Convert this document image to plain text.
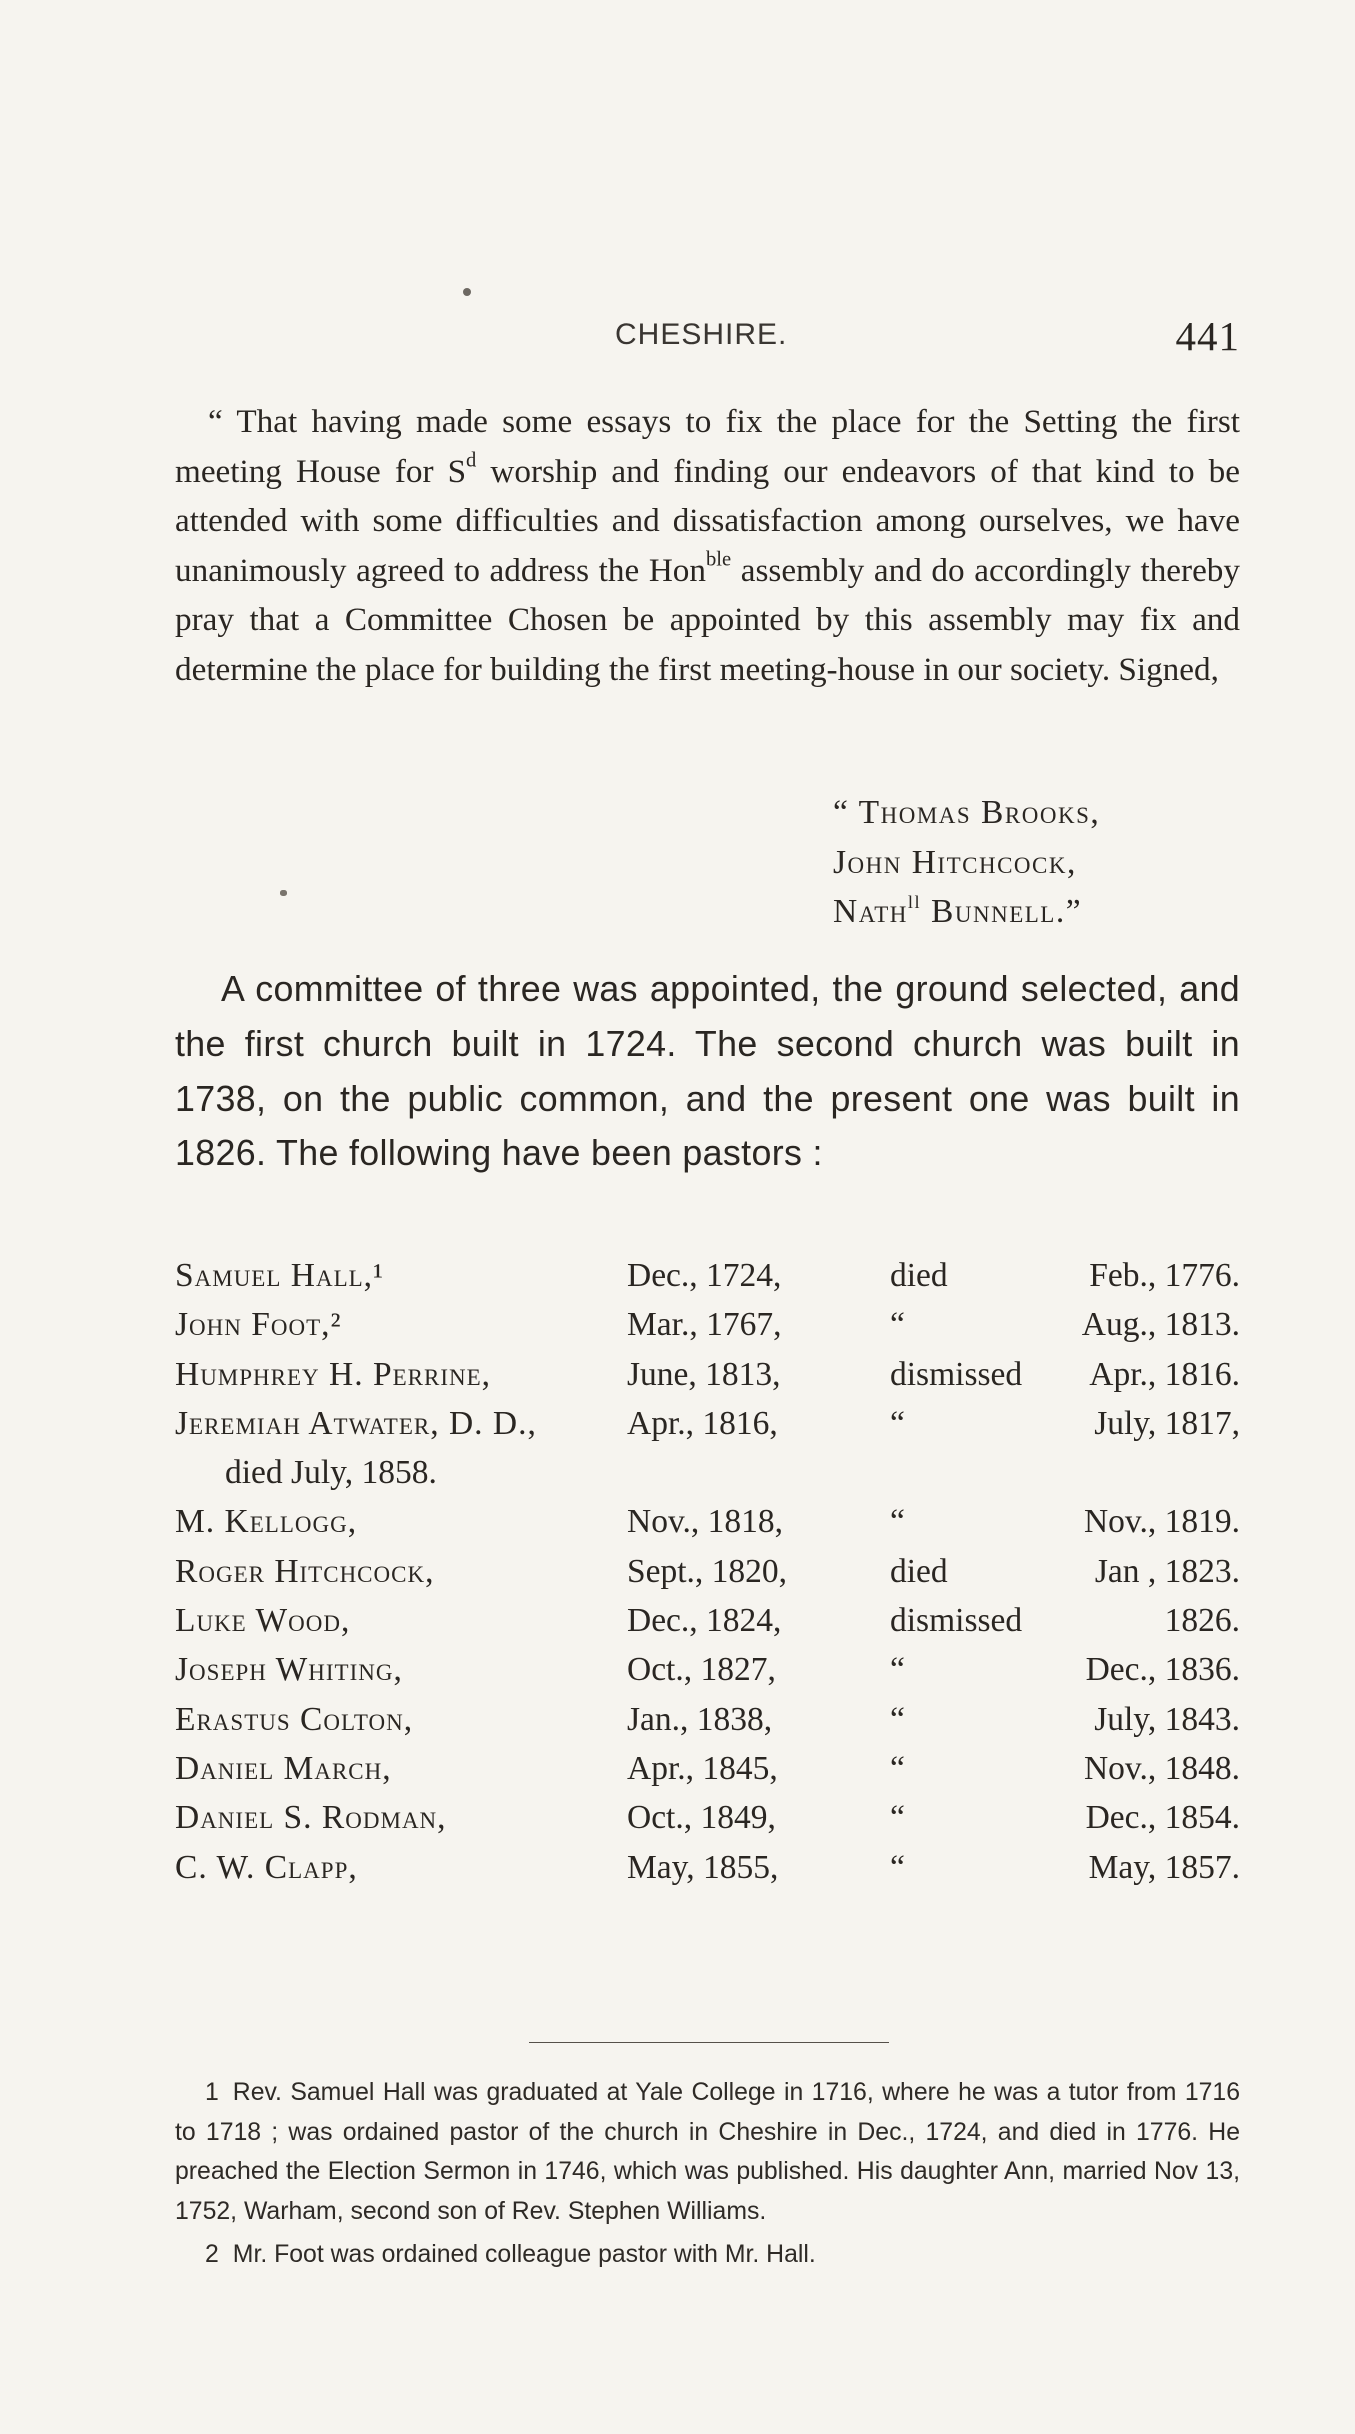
CHESHIRE.	441

“ That having made some essays to fix the place for the Setting the first meeting House for $S^d$ worship and finding our endeavors of that kind to be attended with some difficulties and dissatisfaction among ourselves, we have unanimously agreed to address the Hon$^{ble}$ assembly and do accordingly thereby pray that a Committee Chosen be appointed by this assembly may fix and determine the place for building the first meeting-house in our society. Signed,

“ Thomas Brooks,
John Hitchcock,
Nath$^{ll}$ Bunnell.”

A committee of three was appointed, the ground selected, and the first church built in 1724. The second church was built in 1738, on the public common, and the present one was built in 1826. The following have been pastors :

Samuel Hall,¹	Dec., 1724,	died	Feb., 1776.
John Foot,²	Mar., 1767,	“	Aug., 1813.
Humphrey H. Perrine,	June, 1813,	dismissed Apr., 1816.
Jeremiah Atwater, D. D.,	Apr., 1816,	“	July, 1817,
died July, 1858.
M. Kellogg,	Nov., 1818,	“	Nov., 1819.
Roger Hitchcock,	Sept., 1820,	died	Jan , 1823.
Luke Wood,	Dec., 1824,	dismissed	1826.
Joseph Whiting,	Oct., 1827,	“	Dec., 1836.
Erastus Colton,	Jan., 1838,	“	July, 1843.
Daniel March,	Apr., 1845,	“	Nov., 1848.
Daniel S. Rodman,	Oct., 1849,	“	Dec., 1854.
C. W. Clapp,	May, 1855,	“	May, 1857.

1 Rev. Samuel Hall was graduated at Yale College in 1716, where he was a tutor from 1716 to 1718 ; was ordained pastor of the church in Cheshire in Dec., 1724, and died in 1776. He preached the Election Sermon in 1746, which was published. His daughter Ann, married Nov 13, 1752, Warham, second son of Rev. Stephen Williams.

2 Mr. Foot was ordained colleague pastor with Mr. Hall.
